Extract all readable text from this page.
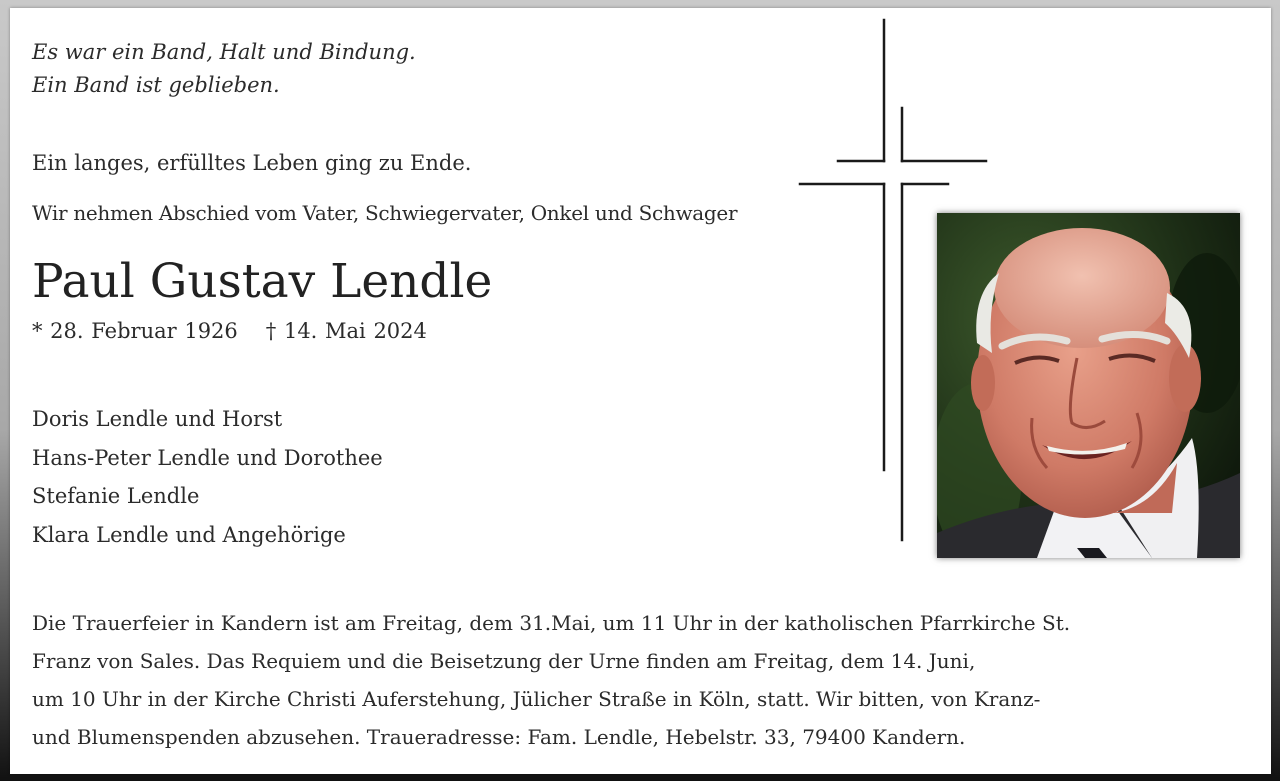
Es war ein Band, Halt und Bindung.
Ein Band ist geblieben.
Ein langes, erfülltes Leben ging zu Ende.
Wir nehmen Abschied vom Vater, Schwiegervater, Onkel und Schwager
Paul Gustav Lendle
* 28. Februar 1926 † 14. Mai 2024
Doris Lendle und Horst
Hans-Peter Lendle und Dorothee
Stefanie Lendle
Klara Lendle und Angehörige
Die Trauerfeier in Kandern ist am Freitag, dem 31.Mai, um 11 Uhr in der katholischen Pfarrkirche St.
Franz von Sales. Das Requiem und die Beisetzung der Urne finden am Freitag, dem 14. Juni,
um 10 Uhr in der Kirche Christi Auferstehung, Jülicher Straße in Köln, statt. Wir bitten, von Kranz-
und Blumenspenden abzusehen. Traueradresse: Fam. Lendle, Hebelstr. 33, 79400 Kandern.
